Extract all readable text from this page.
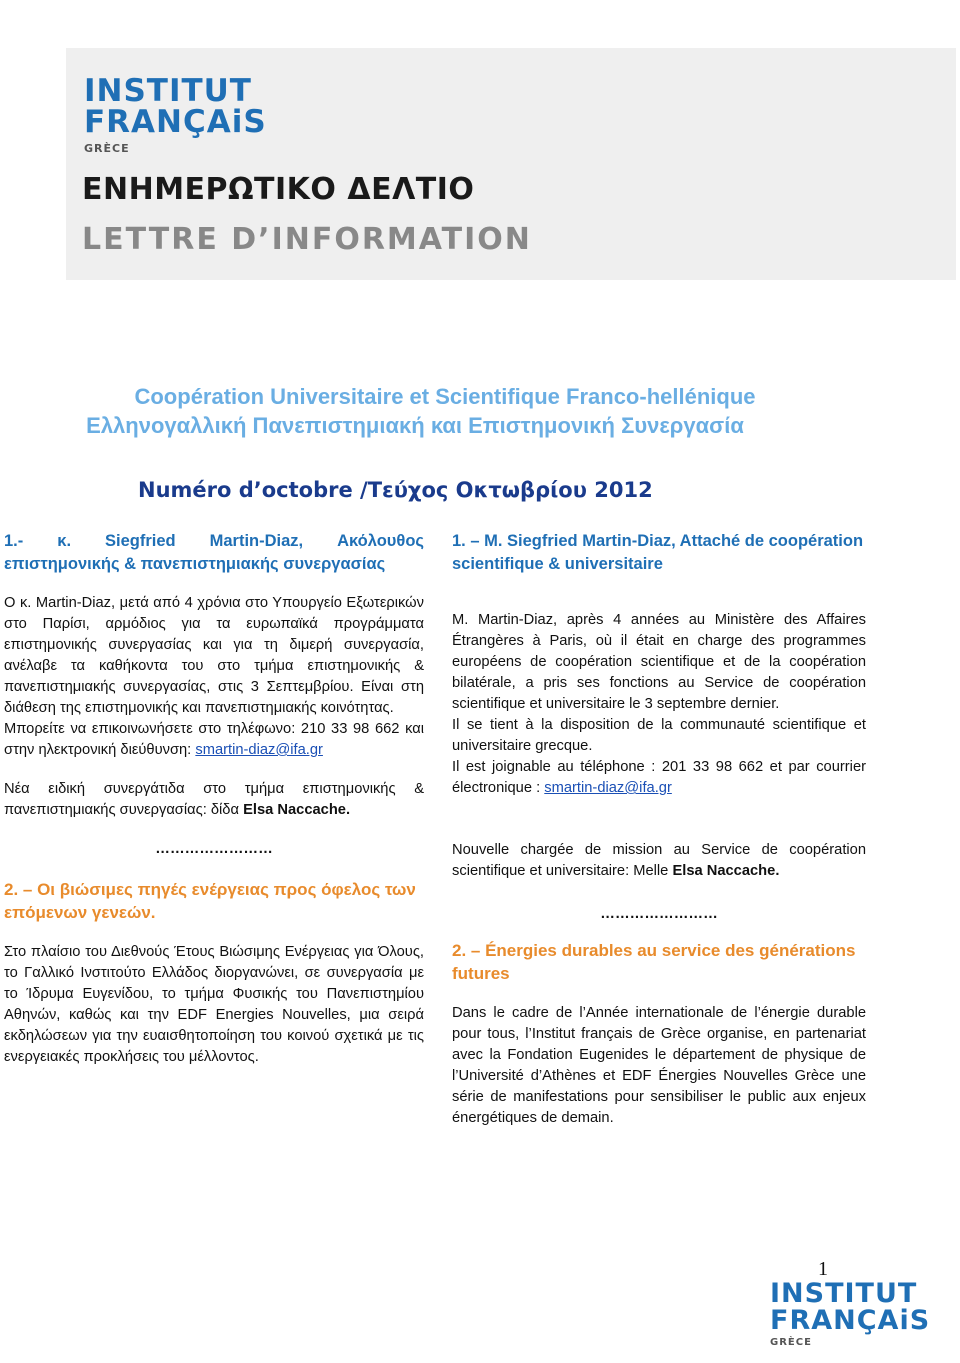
INSTITUT
FRANÇAiS
GRÈCE
ΕΝΗΜΕΡΩΤΙΚΟ ΔΕΛΤΙΟ
LETTRE D’INFORMATION
Coopération Universitaire et Scientifique Franco-hellénique
Ελληνογαλλική Πανεπιστημιακή και Επιστημονική Συνεργασία
Numéro d’octobre /Τεύχος Οκτωβρίου 2012

1.- κ. Siegfried Martin-Diaz, Ακόλουθος επιστημονικής & πανεπιστημιακής συνεργασίας

Ο κ. Martin-Diaz, μετά από 4 χρόνια στο Υπουργείο Εξωτερικών στο Παρίσι, αρμόδιος για τα ευρωπαϊκά προγράμματα επιστημονικής συνεργασίας και για τη διμερή συνεργασία, ανέλαβε τα καθήκοντα του στο τμήμα επιστημονικής & πανεπιστημιακής συνεργασίας, στις 3 Σεπτεμβρίου. Είναι στη διάθεση της επιστημονικής και πανεπιστημιακής κοινότητας.

Μπορείτε να επικοινωνήσετε στο τηλέφωνο: 210 33 98 662 και στην ηλεκτρονική διεύθυνση: smartin-diaz@ifa.gr

Νέα ειδική συνεργάτιδα στο τμήμα επιστημονικής & πανεπιστημιακής συνεργασίας: δίδα Elsa Naccache.

……………………

2. – Οι βιώσιμες πηγές ενέργειας προς όφελος των επόμενων γενεών.

Στο πλαίσιο του Διεθνούς Έτους Βιώσιμης Ενέργειας για Όλους, το Γαλλικό Ινστιτούτο Ελλάδος διοργανώνει, σε συνεργασία με το Ίδρυμα Ευγενίδου, το τμήμα Φυσικής του Πανεπιστημίου Αθηνών, καθώς και την EDF Energies Nouvelles, μια σειρά εκδηλώσεων για την ευαισθητοποίηση του κοινού σχετικά με τις ενεργειακές προκλήσεις του μέλλοντος.

1. – M. Siegfried Martin-Diaz, Attaché de coopération scientifique & universitaire

M. Martin-Diaz, après 4 années au Ministère des Affaires Étrangères à Paris, où il était en charge des programmes européens de coopération scientifique et de la coopération bilatérale, a pris ses fonctions au Service de coopération scientifique et universitaire le 3 septembre dernier.

Il se tient à la disposition de la communauté scientifique et universitaire grecque.

Il est joignable au téléphone : 201 33 98 662 et par courrier électronique : smartin-diaz@ifa.gr

Nouvelle chargée de mission au Service de coopération scientifique et universitaire: Melle Elsa Naccache.

……………………

2. – Énergies durables au service des générations futures

Dans le cadre de l’Année internationale de l’énergie durable pour tous, l’Institut français de Grèce organise, en partenariat avec la Fondation Eugenides le département de physique de l’Université d’Athènes et EDF Énergies Nouvelles Grèce une série de manifestations pour sensibiliser le public aux enjeux énergétiques de demain.

1
INSTITUT
FRANÇAiS
GRÈCE
